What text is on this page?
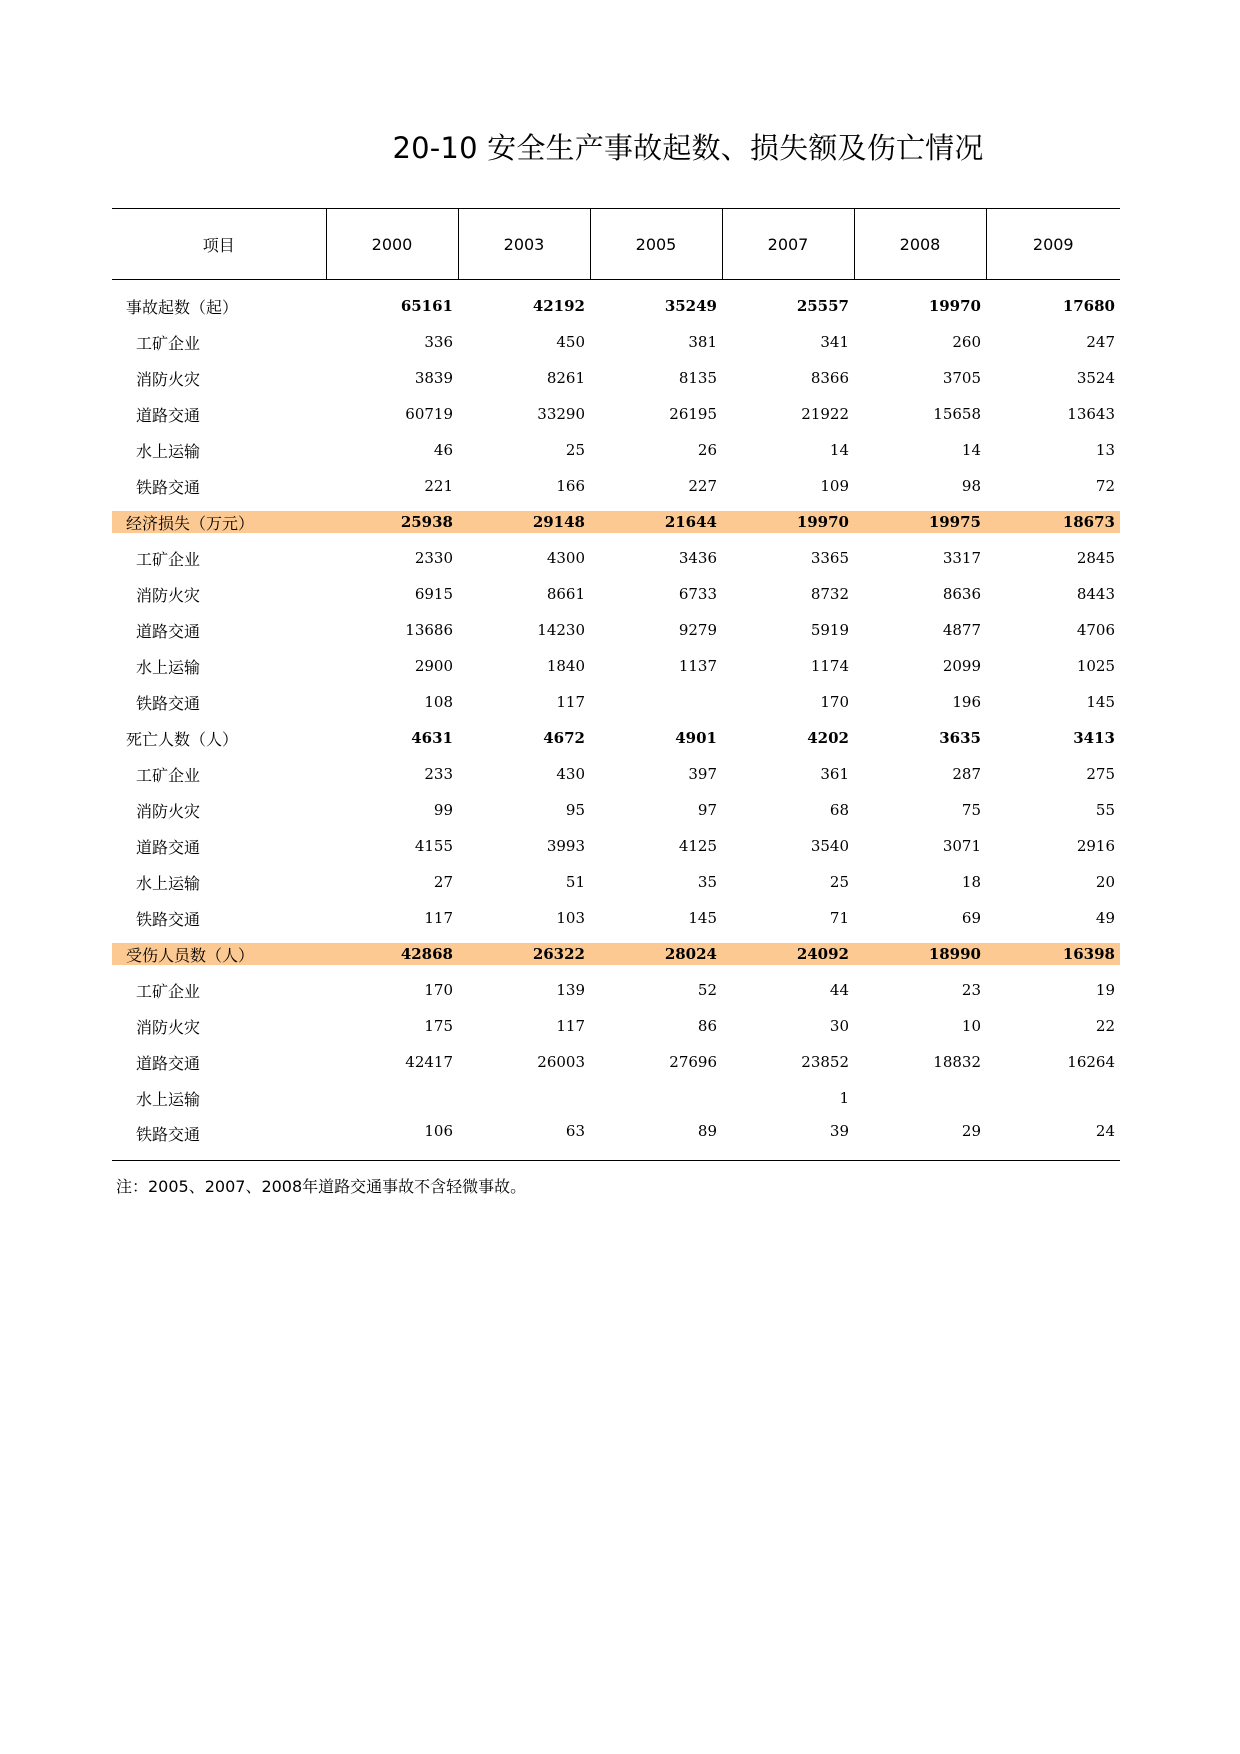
20-10 安全生产事故起数、损失额及伤亡情况
项目	2000	2003	2005	2007	2008	2009

事故起数（起）	65161	42192	35249	25557	19970	17680
工矿企业	336	450	381	341	260	247
消防火灾	3839	8261	8135	8366	3705	3524
道路交通	60719	33290	26195	21922	15658	13643
水上运输	46	25	26	14	14	13
铁路交通	221	166	227	109	98	72
经济损失（万元）	25938	29148	21644	19970	19975	18673
工矿企业	2330	4300	3436	3365	3317	2845
消防火灾	6915	8661	6733	8732	8636	8443
道路交通	13686	14230	9279	5919	4877	4706
水上运输	2900	1840	1137	1174	2099	1025
铁路交通	108	117		170	196	145
死亡人数（人）	4631	4672	4901	4202	3635	3413
工矿企业	233	430	397	361	287	275
消防火灾	99	95	97	68	75	55
道路交通	4155	3993	4125	3540	3071	2916
水上运输	27	51	35	25	18	20
铁路交通	117	103	145	71	69	49
受伤人员数（人）	42868	26322	28024	24092	18990	16398
工矿企业	170	139	52	44	23	19
消防火灾	175	117	86	30	10	22
道路交通	42417	26003	27696	23852	18832	16264
水上运输				1		
铁路交通	106	63	89	39	29	24
注：2005、2007、2008年道路交通事故不含轻微事故。
